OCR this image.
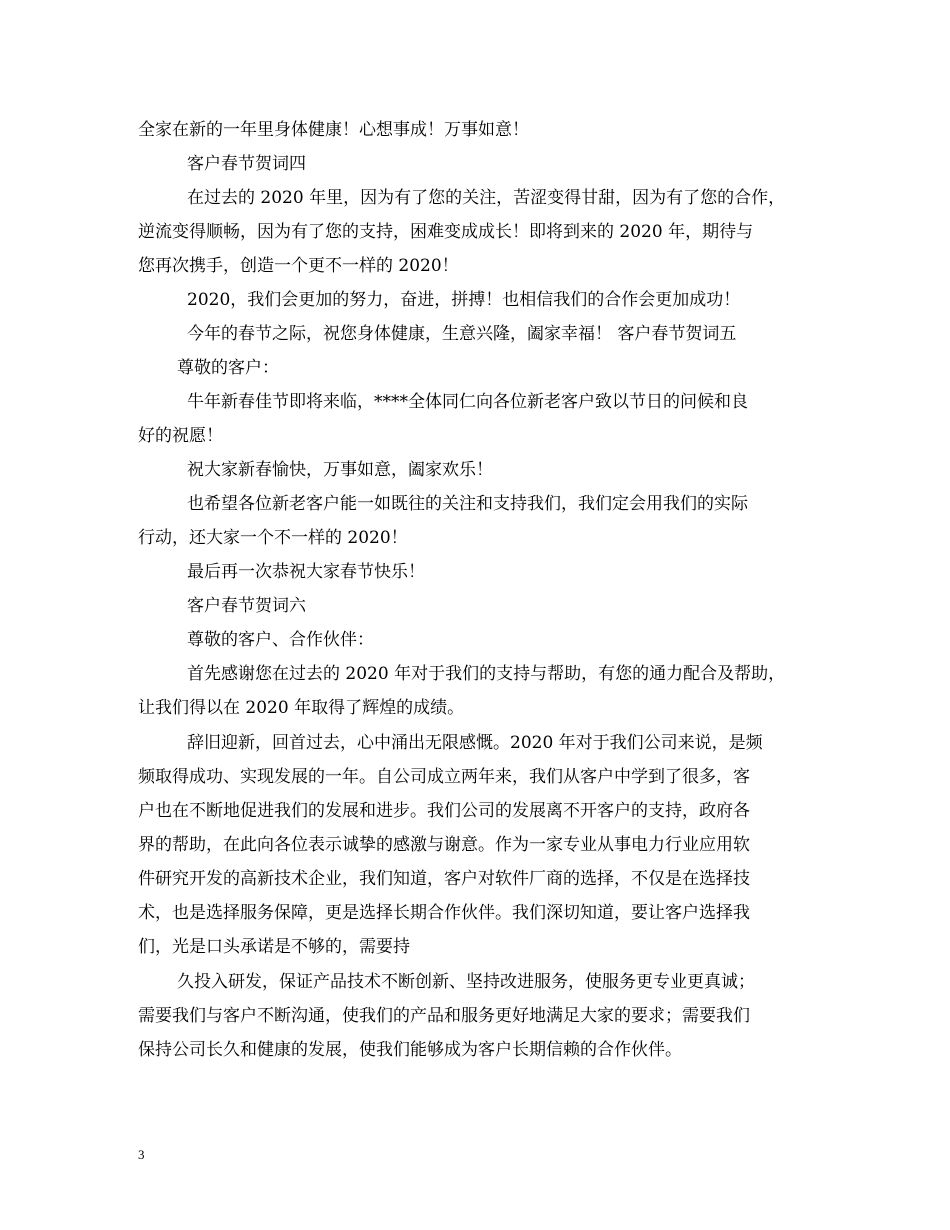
全家在新的一年里身体健康！心想事成！万事如意！
客户春节贺词四
在过去的 2020 年里，因为有了您的关注，苦涩变得甘甜，因为有了您的合作，
逆流变得顺畅，因为有了您的支持，困难变成成长！即将到来的 2020 年，期待与
您再次携手，创造一个更不一样的 2020！
2020，我们会更加的努力，奋进，拼搏！也相信我们的合作会更加成功！
今年的春节之际，祝您身体健康，生意兴隆，阖家幸福！ 客户春节贺词五
尊敬的客户：
牛年新春佳节即将来临，****全体同仁向各位新老客户致以节日的问候和良
好的祝愿！
祝大家新春愉快，万事如意，阖家欢乐！
也希望各位新老客户能一如既往的关注和支持我们，我们定会用我们的实际
行动，还大家一个不一样的 2020！
最后再一次恭祝大家春节快乐！
客户春节贺词六
尊敬的客户、合作伙伴：
首先感谢您在过去的 2020 年对于我们的支持与帮助，有您的通力配合及帮助，
让我们得以在 2020 年取得了辉煌的成绩。
辞旧迎新，回首过去，心中涌出无限感慨。2020 年对于我们公司来说，是频
频取得成功、实现发展的一年。自公司成立两年来，我们从客户中学到了很多，客
户也在不断地促进我们的发展和进步。我们公司的发展离不开客户的支持，政府各
界的帮助，在此向各位表示诚挚的感激与谢意。作为一家专业从事电力行业应用软
件研究开发的高新技术企业，我们知道，客户对软件厂商的选择，不仅是在选择技
术，也是选择服务保障，更是选择长期合作伙伴。我们深切知道，要让客户选择我
们，光是口头承诺是不够的，需要持
久投入研发，保证产品技术不断创新、坚持改进服务，使服务更专业更真诚；
需要我们与客户不断沟通，使我们的产品和服务更好地满足大家的要求；需要我们
保持公司长久和健康的发展，使我们能够成为客户长期信赖的合作伙伴。
3
